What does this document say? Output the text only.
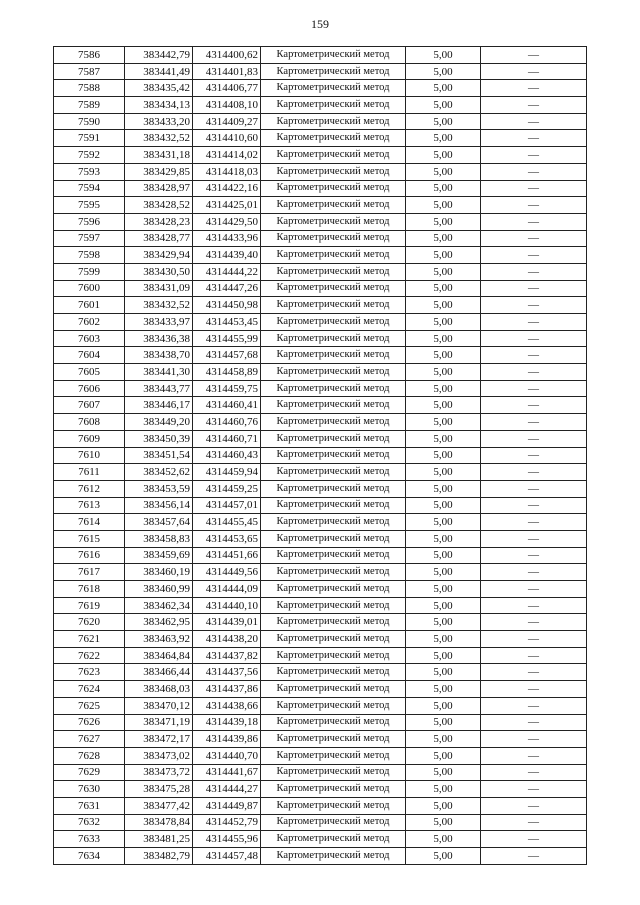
159
7586	383442,79	4314400,62	Картометрический метод	5,00	—
7587	383441,49	4314401,83	Картометрический метод	5,00	—
7588	383435,42	4314406,77	Картометрический метод	5,00	—
7589	383434,13	4314408,10	Картометрический метод	5,00	—
7590	383433,20	4314409,27	Картометрический метод	5,00	—
7591	383432,52	4314410,60	Картометрический метод	5,00	—
7592	383431,18	4314414,02	Картометрический метод	5,00	—
7593	383429,85	4314418,03	Картометрический метод	5,00	—
7594	383428,97	4314422,16	Картометрический метод	5,00	—
7595	383428,52	4314425,01	Картометрический метод	5,00	—
7596	383428,23	4314429,50	Картометрический метод	5,00	—
7597	383428,77	4314433,96	Картометрический метод	5,00	—
7598	383429,94	4314439,40	Картометрический метод	5,00	—
7599	383430,50	4314444,22	Картометрический метод	5,00	—
7600	383431,09	4314447,26	Картометрический метод	5,00	—
7601	383432,52	4314450,98	Картометрический метод	5,00	—
7602	383433,97	4314453,45	Картометрический метод	5,00	—
7603	383436,38	4314455,99	Картометрический метод	5,00	—
7604	383438,70	4314457,68	Картометрический метод	5,00	—
7605	383441,30	4314458,89	Картометрический метод	5,00	—
7606	383443,77	4314459,75	Картометрический метод	5,00	—
7607	383446,17	4314460,41	Картометрический метод	5,00	—
7608	383449,20	4314460,76	Картометрический метод	5,00	—
7609	383450,39	4314460,71	Картометрический метод	5,00	—
7610	383451,54	4314460,43	Картометрический метод	5,00	—
7611	383452,62	4314459,94	Картометрический метод	5,00	—
7612	383453,59	4314459,25	Картометрический метод	5,00	—
7613	383456,14	4314457,01	Картометрический метод	5,00	—
7614	383457,64	4314455,45	Картометрический метод	5,00	—
7615	383458,83	4314453,65	Картометрический метод	5,00	—
7616	383459,69	4314451,66	Картометрический метод	5,00	—
7617	383460,19	4314449,56	Картометрический метод	5,00	—
7618	383460,99	4314444,09	Картометрический метод	5,00	—
7619	383462,34	4314440,10	Картометрический метод	5,00	—
7620	383462,95	4314439,01	Картометрический метод	5,00	—
7621	383463,92	4314438,20	Картометрический метод	5,00	—
7622	383464,84	4314437,82	Картометрический метод	5,00	—
7623	383466,44	4314437,56	Картометрический метод	5,00	—
7624	383468,03	4314437,86	Картометрический метод	5,00	—
7625	383470,12	4314438,66	Картометрический метод	5,00	—
7626	383471,19	4314439,18	Картометрический метод	5,00	—
7627	383472,17	4314439,86	Картометрический метод	5,00	—
7628	383473,02	4314440,70	Картометрический метод	5,00	—
7629	383473,72	4314441,67	Картометрический метод	5,00	—
7630	383475,28	4314444,27	Картометрический метод	5,00	—
7631	383477,42	4314449,87	Картометрический метод	5,00	—
7632	383478,84	4314452,79	Картометрический метод	5,00	—
7633	383481,25	4314455,96	Картометрический метод	5,00	—
7634	383482,79	4314457,48	Картометрический метод	5,00	—
